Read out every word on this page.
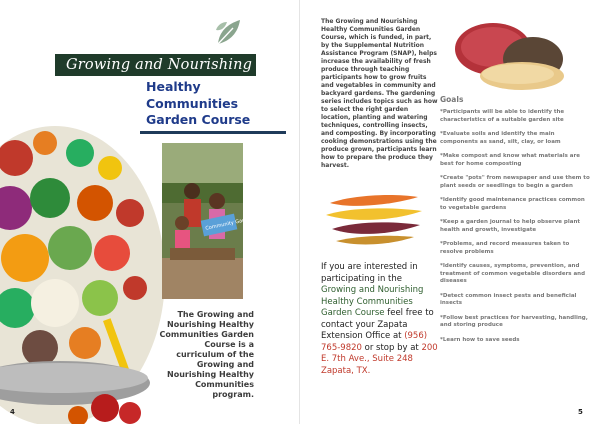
Growing and Nourishing
Healthy
Communities
Garden Course
Community Garden
The Growing and Nourishing Healthy Communities Garden Course is a curriculum of the Growing and Nourishing Healthy Communities program.
4
The Growing and Nourishing Healthy Communities Garden Course, which is funded, in part, by the Supplemental Nutrition Assistance Program (SNAP), helps increase the availability of fresh produce through teaching participants how to grow fruits and vegetables in community and backyard gardens. The gardening series includes topics such as how to select the right garden location, planting and watering techniques, controlling insects, and composting. By incorporating cooking demonstrations using the produce grown, participants learn how to prepare the produce they harvest.
If you are interested in participating in the Growing and Nourishing Healthy Communities Garden Course feel free to contact your Zapata Extension Office at (956) 765-9820 or stop by at 200 E. 7th Ave., Suite 248 Zapata, TX.
Goals
*Participants will be able to identify the characteristics of a suitable garden site
*Evaluate soils and identify the main components as sand, silt, clay, or loam
*Make compost and know what materials are best for home composting
*Create "pots" from newspaper and use them to plant seeds or seedlings to begin a garden
*Identify good maintenance practices common to vegetable gardens
*Keep a garden journal to help observe plant health and growth, investigate
*Problems, and record measures taken to resolve problems
*Identify causes, symptoms, prevention, and treatment of common vegetable disorders and diseases
*Detect common insect pests and beneficial insects
*Follow best practices for harvesting, handling, and storing produce
*Learn how to save seeds
5
